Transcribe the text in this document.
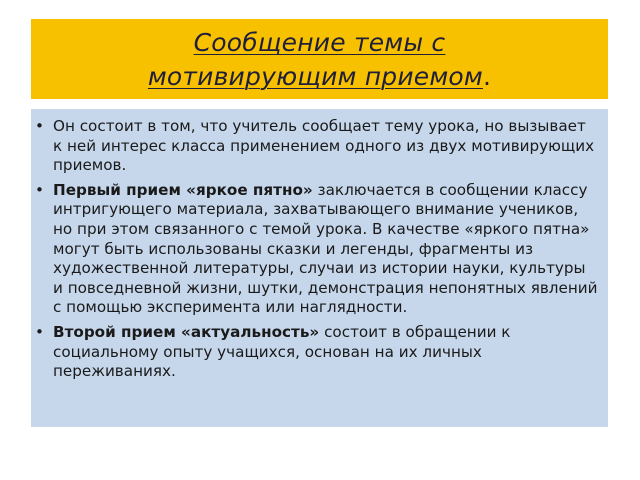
Сообщение темы с
мотивирующим приемом.
• Он состоит в том, что учитель сообщает тему урока, но вызывает к ней интерес класса применением одного из двух мотивирующих приемов.
• Первый прием «яркое пятно» заключается в сообщении классу интригующего материала, захватывающего внимание учеников, но при этом связанного с темой урока. В качестве «яркого пятна» могут быть использованы сказки и легенды, фрагменты из художественной литературы, случаи из истории науки, культуры и повседневной жизни, шутки, демонстрация непонятных явлений с помощью эксперимента или наглядности.
• Второй прием «актуальность» состоит в обращении к социальному опыту учащихся, основан на их личных переживаниях.
